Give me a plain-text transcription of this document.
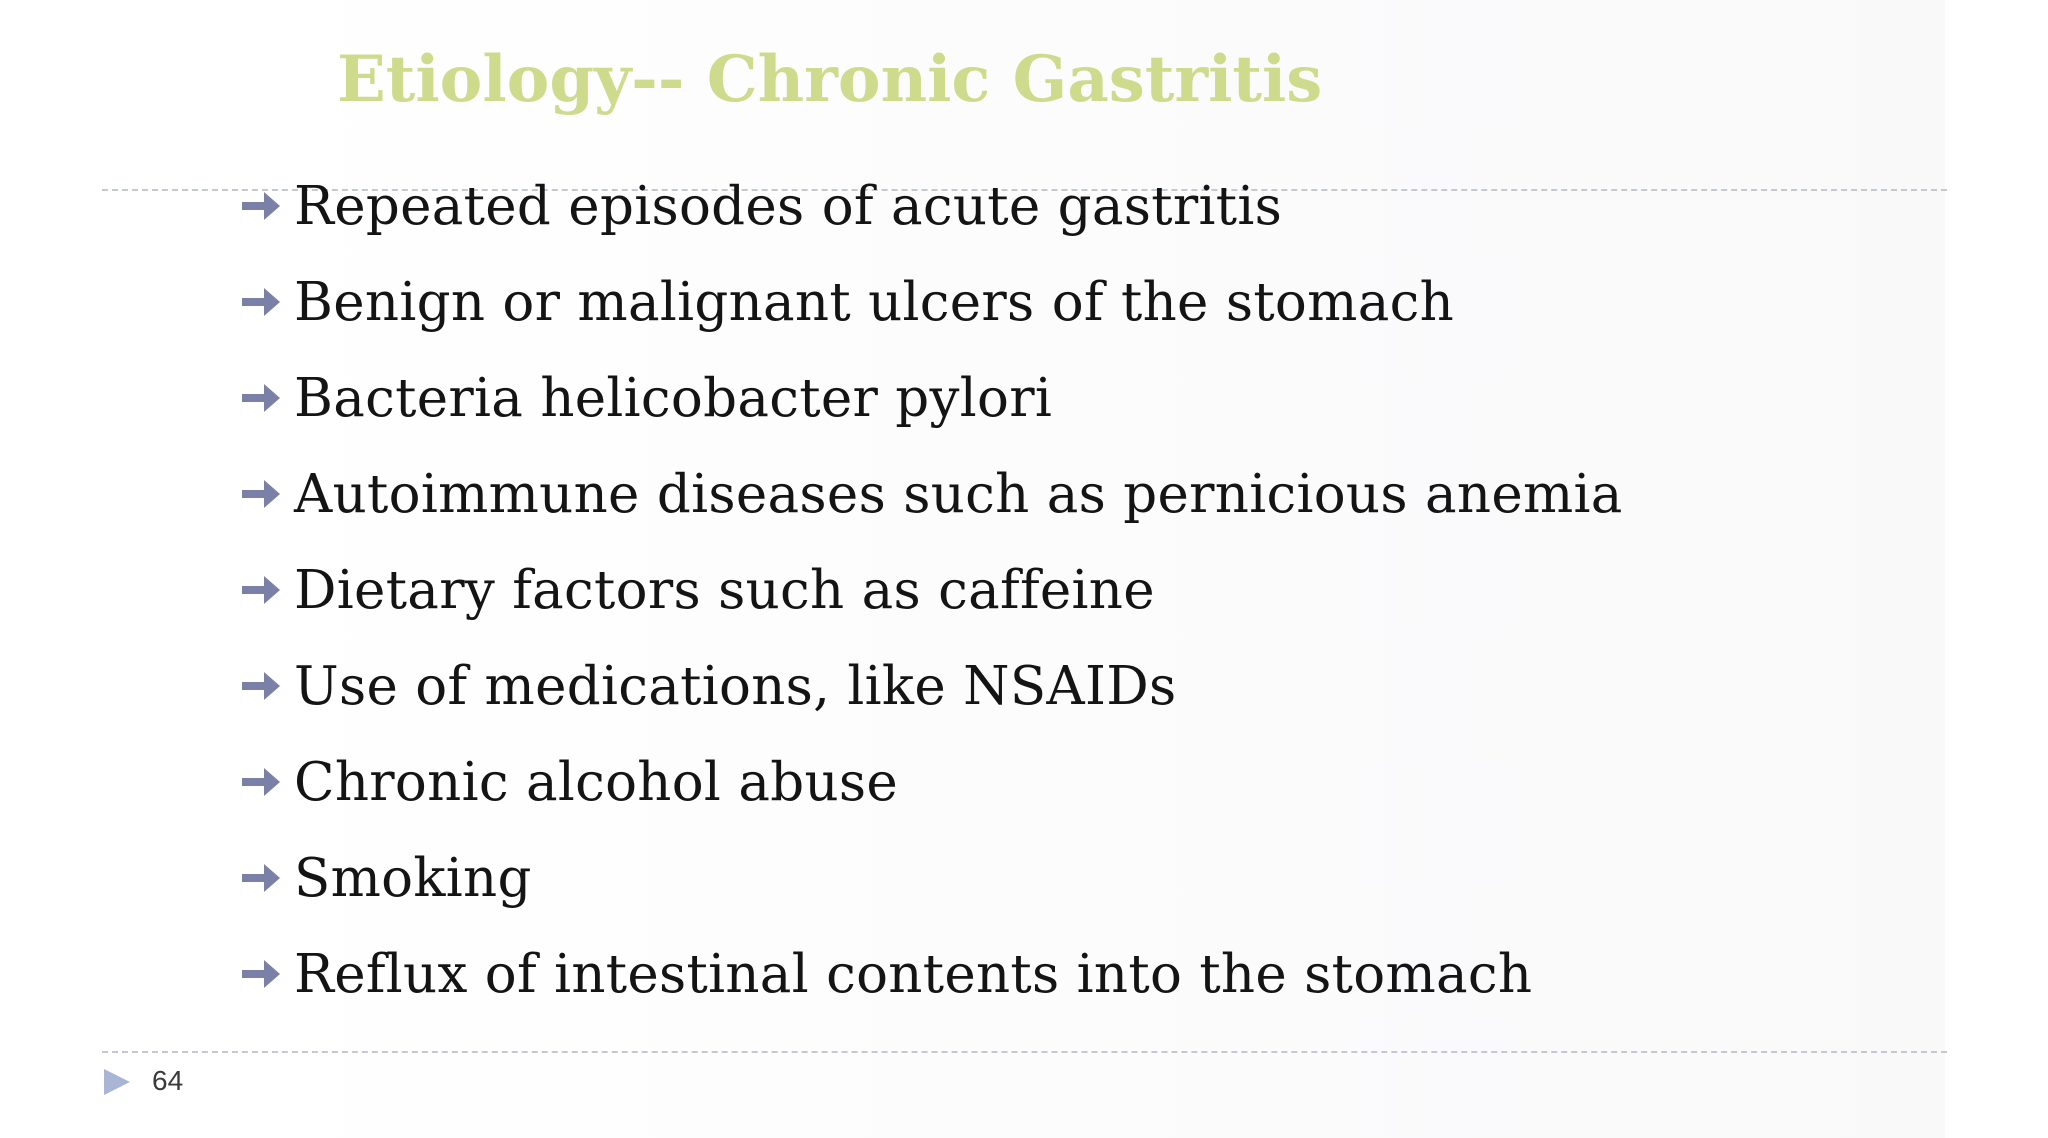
Etiology-- Chronic Gastritis
Repeated episodes of acute gastritis
Benign or malignant ulcers of the stomach
Bacteria helicobacter pylori
Autoimmune diseases such as pernicious anemia
Dietary factors such as caffeine
Use of medications, like NSAIDs
Chronic alcohol abuse
Smoking
Reflux of intestinal contents into the stomach
64
